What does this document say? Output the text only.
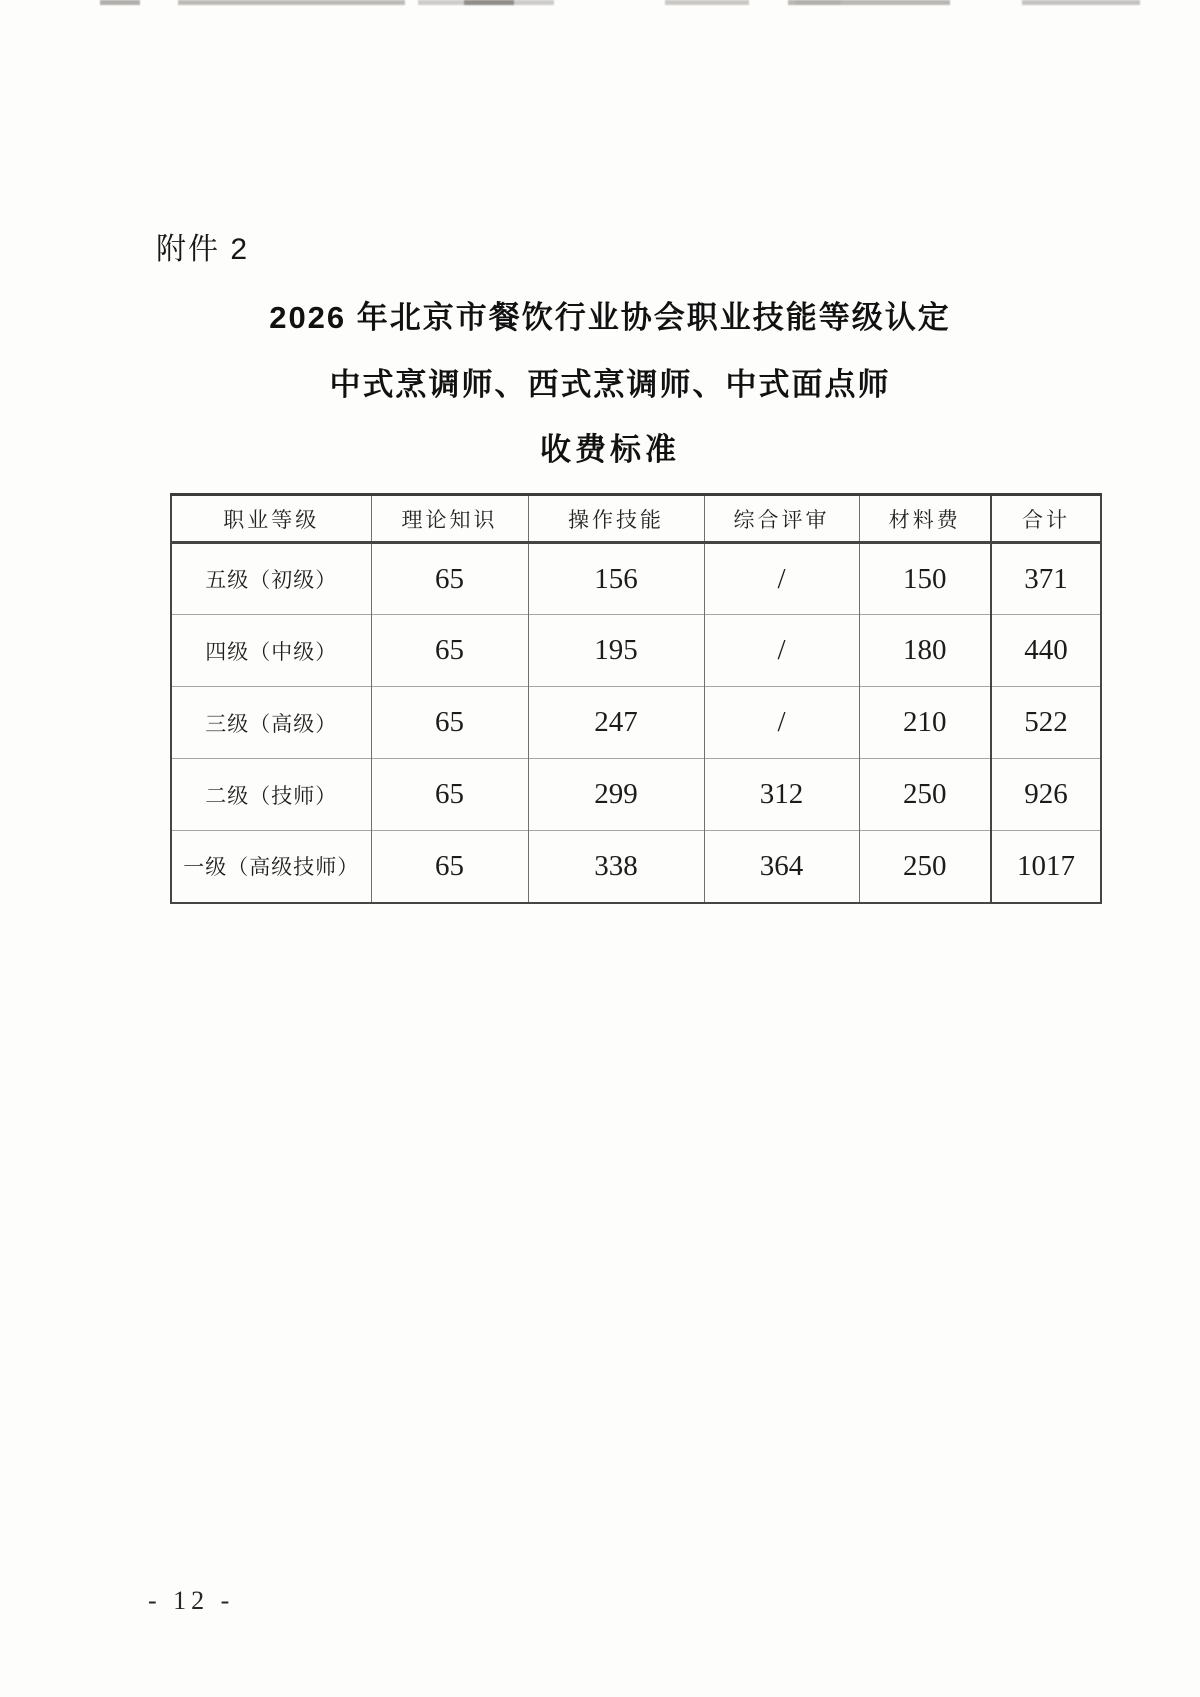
附件 2
2026 年北京市餐饮行业协会职业技能等级认定
中式烹调师、西式烹调师、中式面点师
收费标准
职业等级	理论知识	操作技能	综合评审	材料费	合计
五级（初级）	65	156	/	150	371
四级（中级）	65	195	/	180	440
三级（高级）	65	247	/	210	522
二级（技师）	65	299	312	250	926
一级（高级技师）	65	338	364	250	1017
- 12 -
